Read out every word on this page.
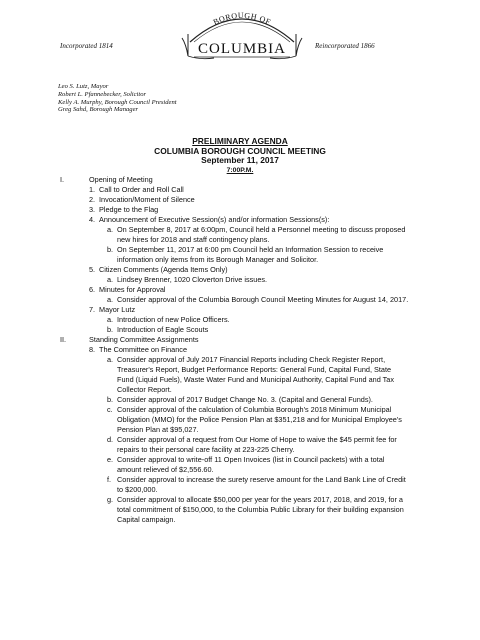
BOROUGH OF
COLUMBIA
Incorporated 1814	Reincorporated 1866
Leo S. Lutz, Mayor
Robert L. Pfannebecker, Solicitor
Kelly A. Murphy, Borough Council President
Greg Sahd, Borough Manager
PRELIMINARY AGENDA
COLUMBIA BOROUGH COUNCIL MEETING
September 11, 2017
7:00P.M.
I.	Opening of Meeting
1. Call to Order and Roll Call
2. Invocation/Moment of Silence
3. Pledge to the Flag
4. Announcement of Executive Session(s) and/or information Sessions(s):
a. On September 8, 2017 at 6:00pm, Council held a Personnel meeting to discuss proposed
new hires for 2018 and staff contingency plans.
b. On September 11, 2017 at 6:00 pm Council held an Information Session to receive
information only items from its Borough Manager and Solicitor.
5. Citizen Comments (Agenda Items Only)
a. Lindsey Brenner, 1020 Cloverton Drive issues.
6. Minutes for Approval
a. Consider approval of the Columbia Borough Council Meeting Minutes for August 14, 2017.
7. Mayor Lutz
a. Introduction of new Police Officers.
b. Introduction of Eagle Scouts
II.	Standing Committee Assignments
8. The Committee on Finance
a. Consider approval of July 2017 Financial Reports including Check Register Report,
Treasurer's Report, Budget Performance Reports: General Fund, Capital Fund, State
Fund (Liquid Fuels), Waste Water Fund and Municipal Authority, Capital Fund and Tax
Collector Report.
b. Consider approval of 2017 Budget Change No. 3. (Capital and General Funds).
c. Consider approval of the calculation of Columbia Borough's 2018 Minimum Municipal
Obligation (MMO) for the Police Pension Plan at $351,218 and for Municipal Employee's
Pension Plan at $95,027.
d. Consider approval of a request from Our Home of Hope to waive the $45 permit fee for
repairs to their personal care facility at 223-225 Cherry.
e. Consider approval to write-off 11 Open Invoices (list in Council packets) with a total
amount relieved of $2,556.60.
f. Consider approval to increase the surety reserve amount for the Land Bank Line of Credit
to $200,000.
g. Consider approval to allocate $50,000 per year for the years 2017, 2018, and 2019, for a
total commitment of $150,000, to the Columbia Public Library for their building expansion
Capital campaign.
